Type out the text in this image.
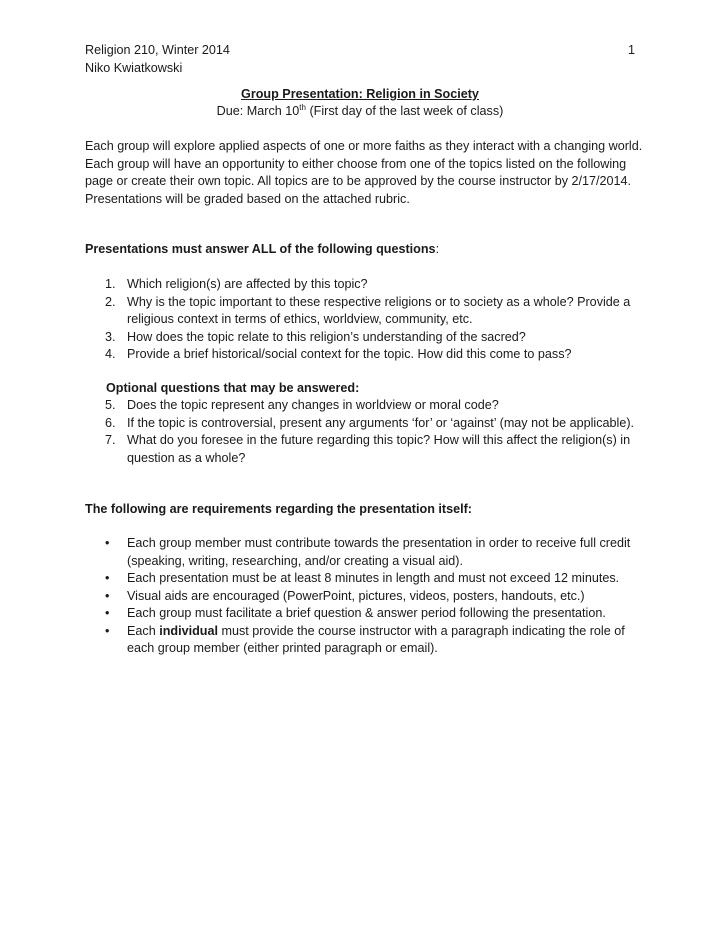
Religion 210, Winter 2014
Niko Kwiatkowski
1
Group Presentation: Religion in Society
Due: March 10th (First day of the last week of class)
Each group will explore applied aspects of one or more faiths as they interact with a changing world. Each group will have an opportunity to either choose from one of the topics listed on the following page or create their own topic. All topics are to be approved by the course instructor by 2/17/2014. Presentations will be graded based on the attached rubric.
Presentations must answer ALL of the following questions:
1. Which religion(s) are affected by this topic?
2. Why is the topic important to these respective religions or to society as a whole? Provide a religious context in terms of ethics, worldview, community, etc.
3. How does the topic relate to this religion’s understanding of the sacred?
4. Provide a brief historical/social context for the topic. How did this come to pass?
Optional questions that may be answered:
5. Does the topic represent any changes in worldview or moral code?
6. If the topic is controversial, present any arguments ‘for’ or ‘against’ (may not be applicable).
7. What do you foresee in the future regarding this topic? How will this affect the religion(s) in question as a whole?
The following are requirements regarding the presentation itself:
• Each group member must contribute towards the presentation in order to receive full credit (speaking, writing, researching, and/or creating a visual aid).
• Each presentation must be at least 8 minutes in length and must not exceed 12 minutes.
• Visual aids are encouraged (PowerPoint, pictures, videos, posters, handouts, etc.)
• Each group must facilitate a brief question & answer period following the presentation.
• Each individual must provide the course instructor with a paragraph indicating the role of each group member (either printed paragraph or email).
